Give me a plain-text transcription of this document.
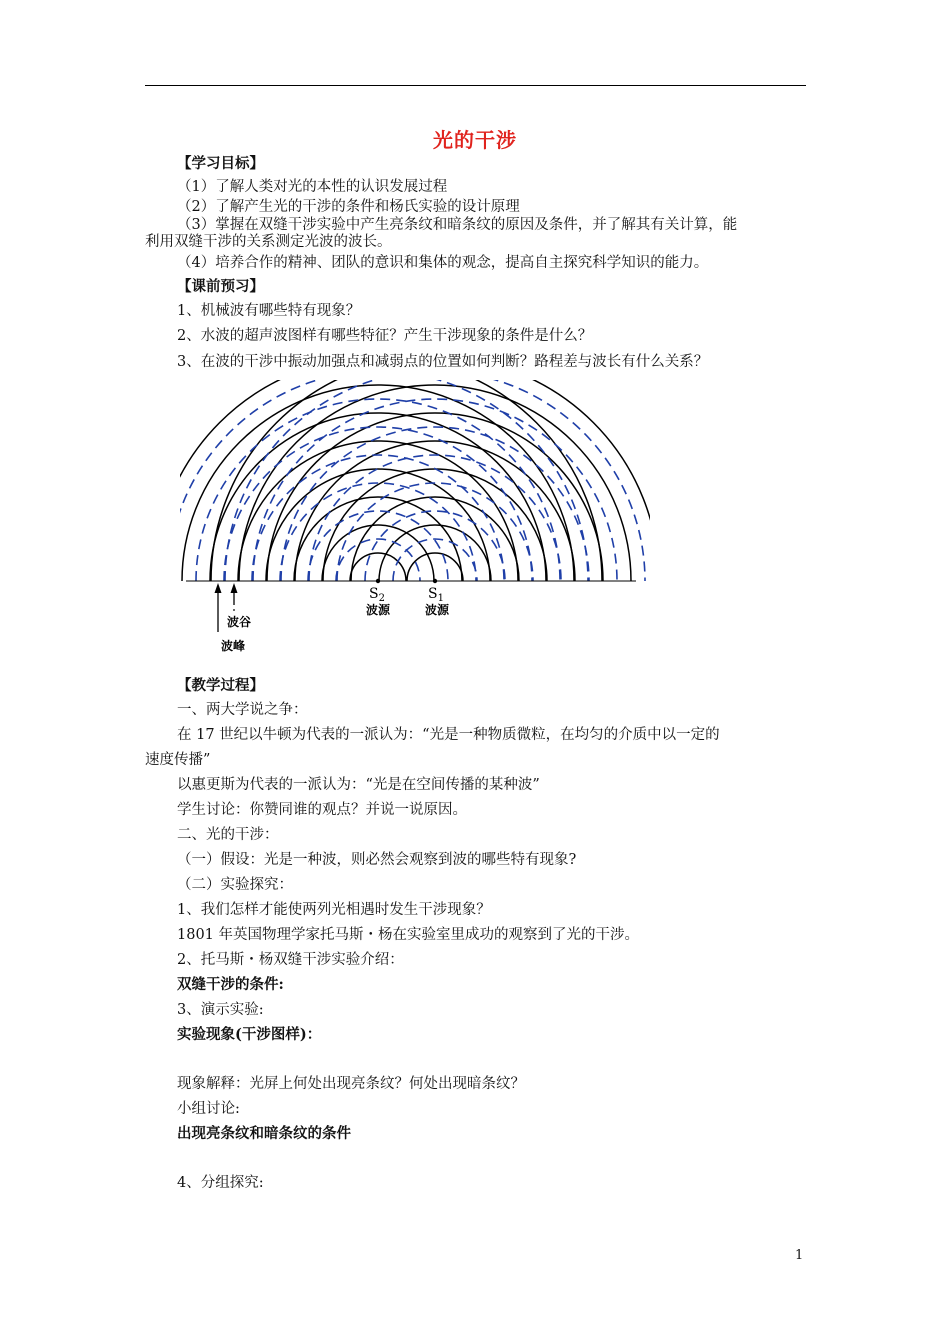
光的干涉
【学习目标】
（1）了解人类对光的本性的认识发展过程
（2）了解产生光的干涉的条件和杨氏实验的设计原理
（3）掌握在双缝干涉实验中产生亮条纹和暗条纹的原因及条件，并了解其有关计算，能
利用双缝干涉的关系测定光波的波长。
（4）培养合作的精神、团队的意识和集体的观念，提高自主探究科学知识的能力。
【课前预习】
1、机械波有哪些特有现象？
2、水波的超声波图样有哪些特征？产生干涉现象的条件是什么？
3、在波的干涉中振动加强点和减弱点的位置如何判断？路程差与波长有什么关系？
$S_2$
波源
$S_1$
波源
波谷
波峰
【教学过程】
一、两大学说之争：
在 17 世纪以牛顿为代表的一派认为：“光是一种物质微粒，在均匀的介质中以一定的
速度传播”
以惠更斯为代表的一派认为：“光是在空间传播的某种波”
学生讨论：你赞同谁的观点？并说一说原因。
二、光的干涉：
（一）假设：光是一种波，则必然会观察到波的哪些特有现象?
（二）实验探究：
1、我们怎样才能使两列光相遇时发生干涉现象？
1801 年英国物理学家托马斯・杨在实验室里成功的观察到了光的干涉。
2、托马斯・杨双缝干涉实验介绍：
双缝干涉的条件:
3、演示实验:
实验现象(干涉图样)：
现象解释：光屏上何处出现亮条纹？何处出现暗条纹？
小组讨论:
出现亮条纹和暗条纹的条件
4、分组探究:
1
